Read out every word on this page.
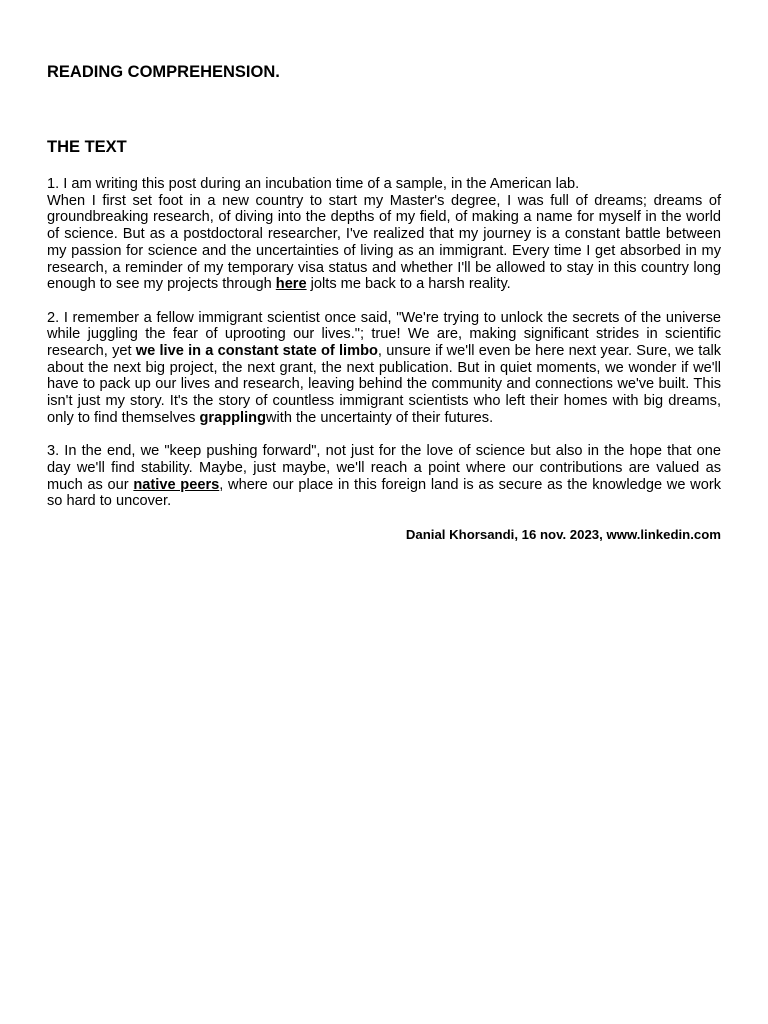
READING COMPREHENSION.
THE TEXT

1. I am writing this post during an incubation time of a sample, in the American lab.
When I first set foot in a new country to start my Master's degree, I was full of dreams; dreams of groundbreaking research, of diving into the depths of my field, of making a name for myself in the world of science. But as a postdoctoral researcher, I've realized that my journey is a constant battle between my passion for science and the uncertainties of living as an immigrant. Every time I get absorbed in my research, a reminder of my temporary visa status and whether I'll be allowed to stay in this country long enough to see my projects through here jolts me back to a harsh reality.

2. I remember a fellow immigrant scientist once said, "We're trying to unlock the secrets of the universe while juggling the fear of uprooting our lives."; true! We are, making significant strides in scientific research, yet we live in a constant state of limbo, unsure if we'll even be here next year. Sure, we talk about the next big project, the next grant, the next publication. But in quiet moments, we wonder if we'll have to pack up our lives and research, leaving behind the community and connections we've built. This isn't just my story. It's the story of countless immigrant scientists who left their homes with big dreams, only to find themselves grapplingwith the uncertainty of their futures.

3. In the end, we "keep pushing forward", not just for the love of science but also in the hope that one day we'll find stability. Maybe, just maybe, we'll reach a point where our contributions are valued as much as our native peers, where our place in this foreign land is as secure as the knowledge we work so hard to uncover.

Danial Khorsandi, 16 nov. 2023, www.linkedin.com
